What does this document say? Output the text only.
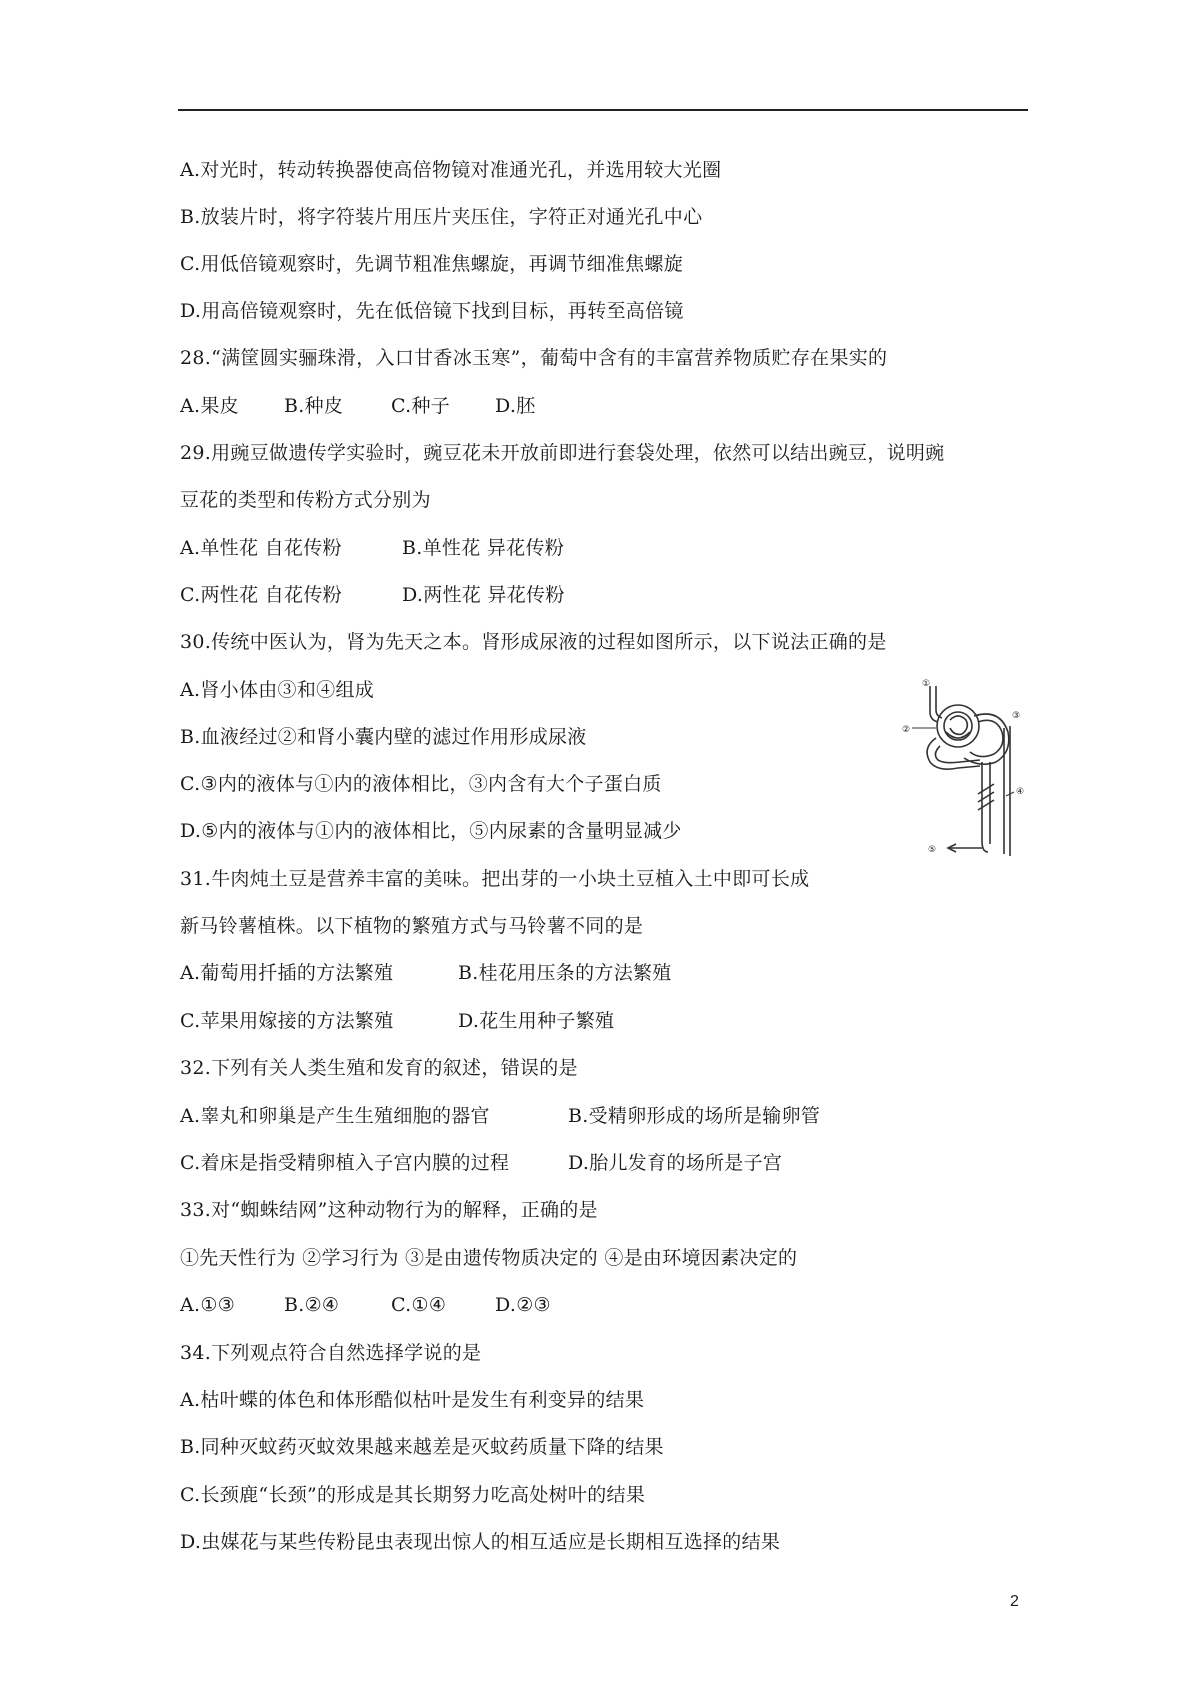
A.对光时，转动转换器使高倍物镜对准通光孔，并选用较大光圈
B.放装片时，将字符装片用压片夹压住，字符正对通光孔中心
C.用低倍镜观察时，先调节粗准焦螺旋，再调节细准焦螺旋
D.用高倍镜观察时，先在低倍镜下找到目标，再转至高倍镜
28.“满筐圆实骊珠滑，入口甘香冰玉寒”，葡萄中含有的丰富营养物质贮存在果实的
A.果皮 B.种皮	C.种子 D.胚
29.用豌豆做遗传学实验时，豌豆花未开放前即进行套袋处理，依然可以结出豌豆，说明豌
豆花的类型和传粉方式分别为
A.单性花 自花传粉	B.单性花 异花传粉
C.两性花 自花传粉	D.两性花 异花传粉
30.传统中医认为，肾为先天之本。肾形成尿液的过程如图所示，以下说法正确的是
A.肾小体由③和④组成
B.血液经过②和肾小囊内壁的滤过作用形成尿液
C.③内的液体与①内的液体相比，③内含有大个子蛋白质
D.⑤内的液体与①内的液体相比，⑤内尿素的含量明显减少
①
②
③
④
⑤
31.牛肉炖土豆是营养丰富的美味。把出芽的一小块土豆植入土中即可长成
新马铃薯植株。以下植物的繁殖方式与马铃薯不同的是
A.葡萄用扦插的方法繁殖	B.桂花用压条的方法繁殖
C.苹果用嫁接的方法繁殖	D.花生用种子繁殖
32.下列有关人类生殖和发育的叙述，错误的是
A.睾丸和卵巢是产生生殖细胞的器官	B.受精卵形成的场所是输卵管
C.着床是指受精卵植入子宫内膜的过程	D.胎儿发育的场所是子宫
33.对“蜘蛛结网”这种动物行为的解释，正确的是
①先天性行为 ②学习行为 ③是由遗传物质决定的 ④是由环境因素决定的
A.①③	B.②④	C.①④	D.②③
34.下列观点符合自然选择学说的是
A.枯叶蝶的体色和体形酷似枯叶是发生有利变异的结果
B.同种灭蚊药灭蚊效果越来越差是灭蚊药质量下降的结果
C.长颈鹿“长颈”的形成是其长期努力吃高处树叶的结果
D.虫媒花与某些传粉昆虫表现出惊人的相互适应是长期相互选择的结果
2
